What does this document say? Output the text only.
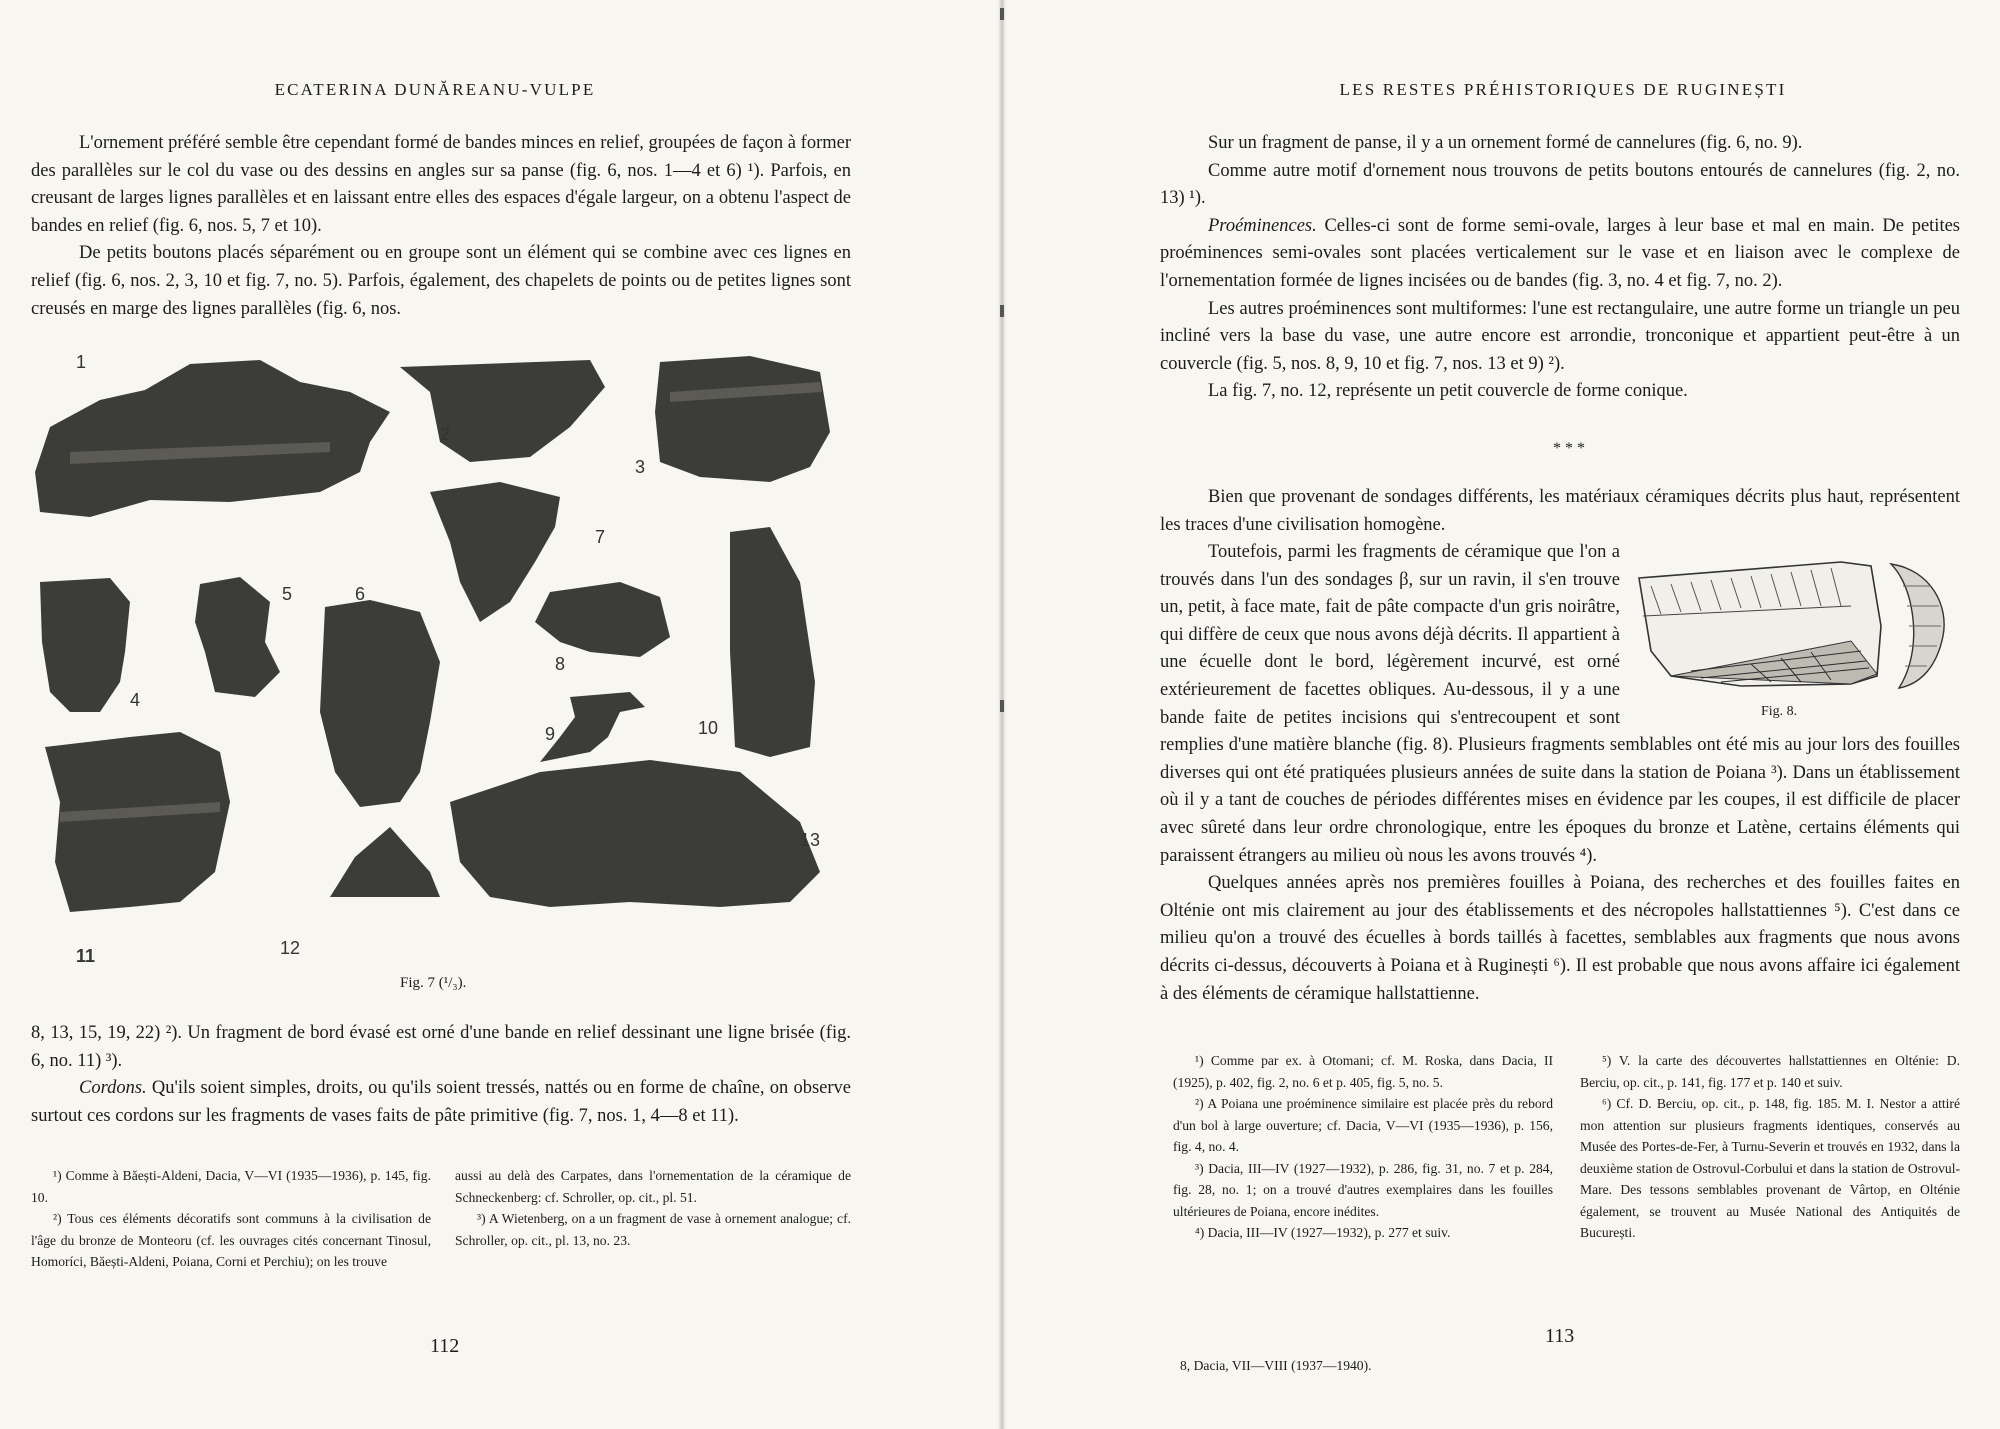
ECATERINA DUNĂREANU-VULPE

L'ornement préféré semble être cependant formé de bandes minces en relief, groupées de façon à former des parallèles sur le col du vase ou des dessins en angles sur sa panse (fig. 6, nos. 1—4 et 6) ¹). Parfois, en creusant de larges lignes parallèles et en laissant entre elles des espaces d'égale largeur, on a obtenu l'aspect de bandes en relief (fig. 6, nos. 5, 7 et 10).

De petits boutons placés séparément ou en groupe sont un élément qui se combine avec ces lignes en relief (fig. 6, nos. 2, 3, 10 et fig. 7, no. 5). Parfois, également, des chapelets de points ou de petites lignes sont creusés en marge des lignes parallèles (fig. 6, nos.

1
2
3
4
5	6
7
8
9	10
11	12
13
Fig. 7 (¹/₃).

8, 13, 15, 19, 22) ²). Un fragment de bord évasé est orné d'une bande en relief dessinant une ligne brisée (fig. 6, no. 11) ³).

Cordons. Qu'ils soient simples, droits, ou qu'ils soient tressés, nattés ou en forme de chaîne, on observe surtout ces cordons sur les fragments de vases faits de pâte primitive (fig. 7, nos. 1, 4—8 et 11).

¹) Comme à Băești-Aldeni, Dacia, V—VI (1935—1936), p. 145, fig. 10.

²) Tous ces éléments décoratifs sont communs à la civilisation de l'âge du bronze de Monteoru (cf. les ouvrages cités concernant Tinosul, Homoríci, Băești-Aldeni, Poiana, Corni et Perchiu); on les trouve

aussi au delà des Carpates, dans l'ornementation de la céramique de Schneckenberg: cf. Schroller, op. cit., pl. 51.

³) A Wietenberg, on a un fragment de vase à ornement analogue; cf. Schroller, op. cit., pl. 13, no. 23.

112
LES RESTES PRÉHISTORIQUES DE RUGINEȘTI

Sur un fragment de panse, il y a un ornement formé de cannelures (fig. 6, no. 9).

Comme autre motif d'ornement nous trouvons de petits boutons entourés de cannelures (fig. 2, no. 13) ¹).

Proéminences. Celles-ci sont de forme semi-ovale, larges à leur base et mal en main. De petites proéminences semi-ovales sont placées verticalement sur le vase et en liaison avec le complexe de l'ornementation formée de lignes incisées ou de bandes (fig. 3, no. 4 et fig. 7, no. 2).

Les autres proéminences sont multiformes: l'une est rectangulaire, une autre forme un triangle un peu incliné vers la base du vase, une autre encore est arrondie, tronconique et appartient peut-être à un couvercle (fig. 5, nos. 8, 9, 10 et fig. 7, nos. 13 et 9) ²).

La fig. 7, no. 12, représente un petit couvercle de forme conique.

* * *

Bien que provenant de sondages différents, les matériaux céramiques décrits plus haut, représentent les traces d'une civilisation homogène.

Fig. 8.

Toutefois, parmi les fragments de céramique que l'on a trouvés dans l'un des sondages β, sur un ravin, il s'en trouve un, petit, à face mate, fait de pâte compacte d'un gris noirâtre, qui diffère de ceux que nous avons déjà décrits. Il appartient à une écuelle dont le bord, légèrement incurvé, est orné extérieurement de facettes obliques. Au-dessous, il y a une bande faite de petites incisions qui s'entrecoupent et sont remplies d'une matière blanche (fig. 8). Plusieurs fragments semblables ont été mis au jour lors des fouilles diverses qui ont été pratiquées plusieurs années de suite dans la station de Poiana ³). Dans un établissement où il y a tant de couches de périodes différentes mises en évidence par les coupes, il est difficile de placer avec sûreté dans leur ordre chronologique, entre les époques du bronze et Latène, certains éléments qui paraissent étrangers au milieu où nous les avons trouvés ⁴).

Quelques années après nos premières fouilles à Poiana, des recherches et des fouilles faites en Olténie ont mis clairement au jour des établissements et des nécropoles hallstattiennes ⁵). C'est dans ce milieu qu'on a trouvé des écuelles à bords taillés à facettes, semblables aux fragments que nous avons décrits ci-dessus, découverts à Poiana et à Ruginești ⁶). Il est probable que nous avons affaire ici également à des éléments de céramique hallstattienne.

¹) Comme par ex. à Otomani; cf. M. Roska, dans Dacia, II (1925), p. 402, fig. 2, no. 6 et p. 405, fig. 5, no. 5.

²) A Poiana une proéminence similaire est placée près du rebord d'un bol à large ouverture; cf. Dacia, V—VI (1935—1936), p. 156, fig. 4, no. 4.

³) Dacia, III—IV (1927—1932), p. 286, fig. 31, no. 7 et p. 284, fig. 28, no. 1; on a trouvé d'autres exemplaires dans les fouilles ultérieures de Poiana, encore inédites.

⁴) Dacia, III—IV (1927—1932), p. 277 et suiv.

⁵) V. la carte des découvertes hallstattiennes en Olténie: D. Berciu, op. cit., p. 141, fig. 177 et p. 140 et suiv.

⁶) Cf. D. Berciu, op. cit., p. 148, fig. 185. M. I. Nestor a attiré mon attention sur plusieurs fragments identiques, conservés au Musée des Portes-de-Fer, à Turnu-Severin et trouvés en 1932, dans la deuxième station de Ostrovul-Corbului et dans la station de Ostrovul-Mare. Des tessons semblables provenant de Vârtop, en Olténie également, se trouvent au Musée National des Antiquités de București.

113
8, Dacia, VII—VIII (1937—1940).
